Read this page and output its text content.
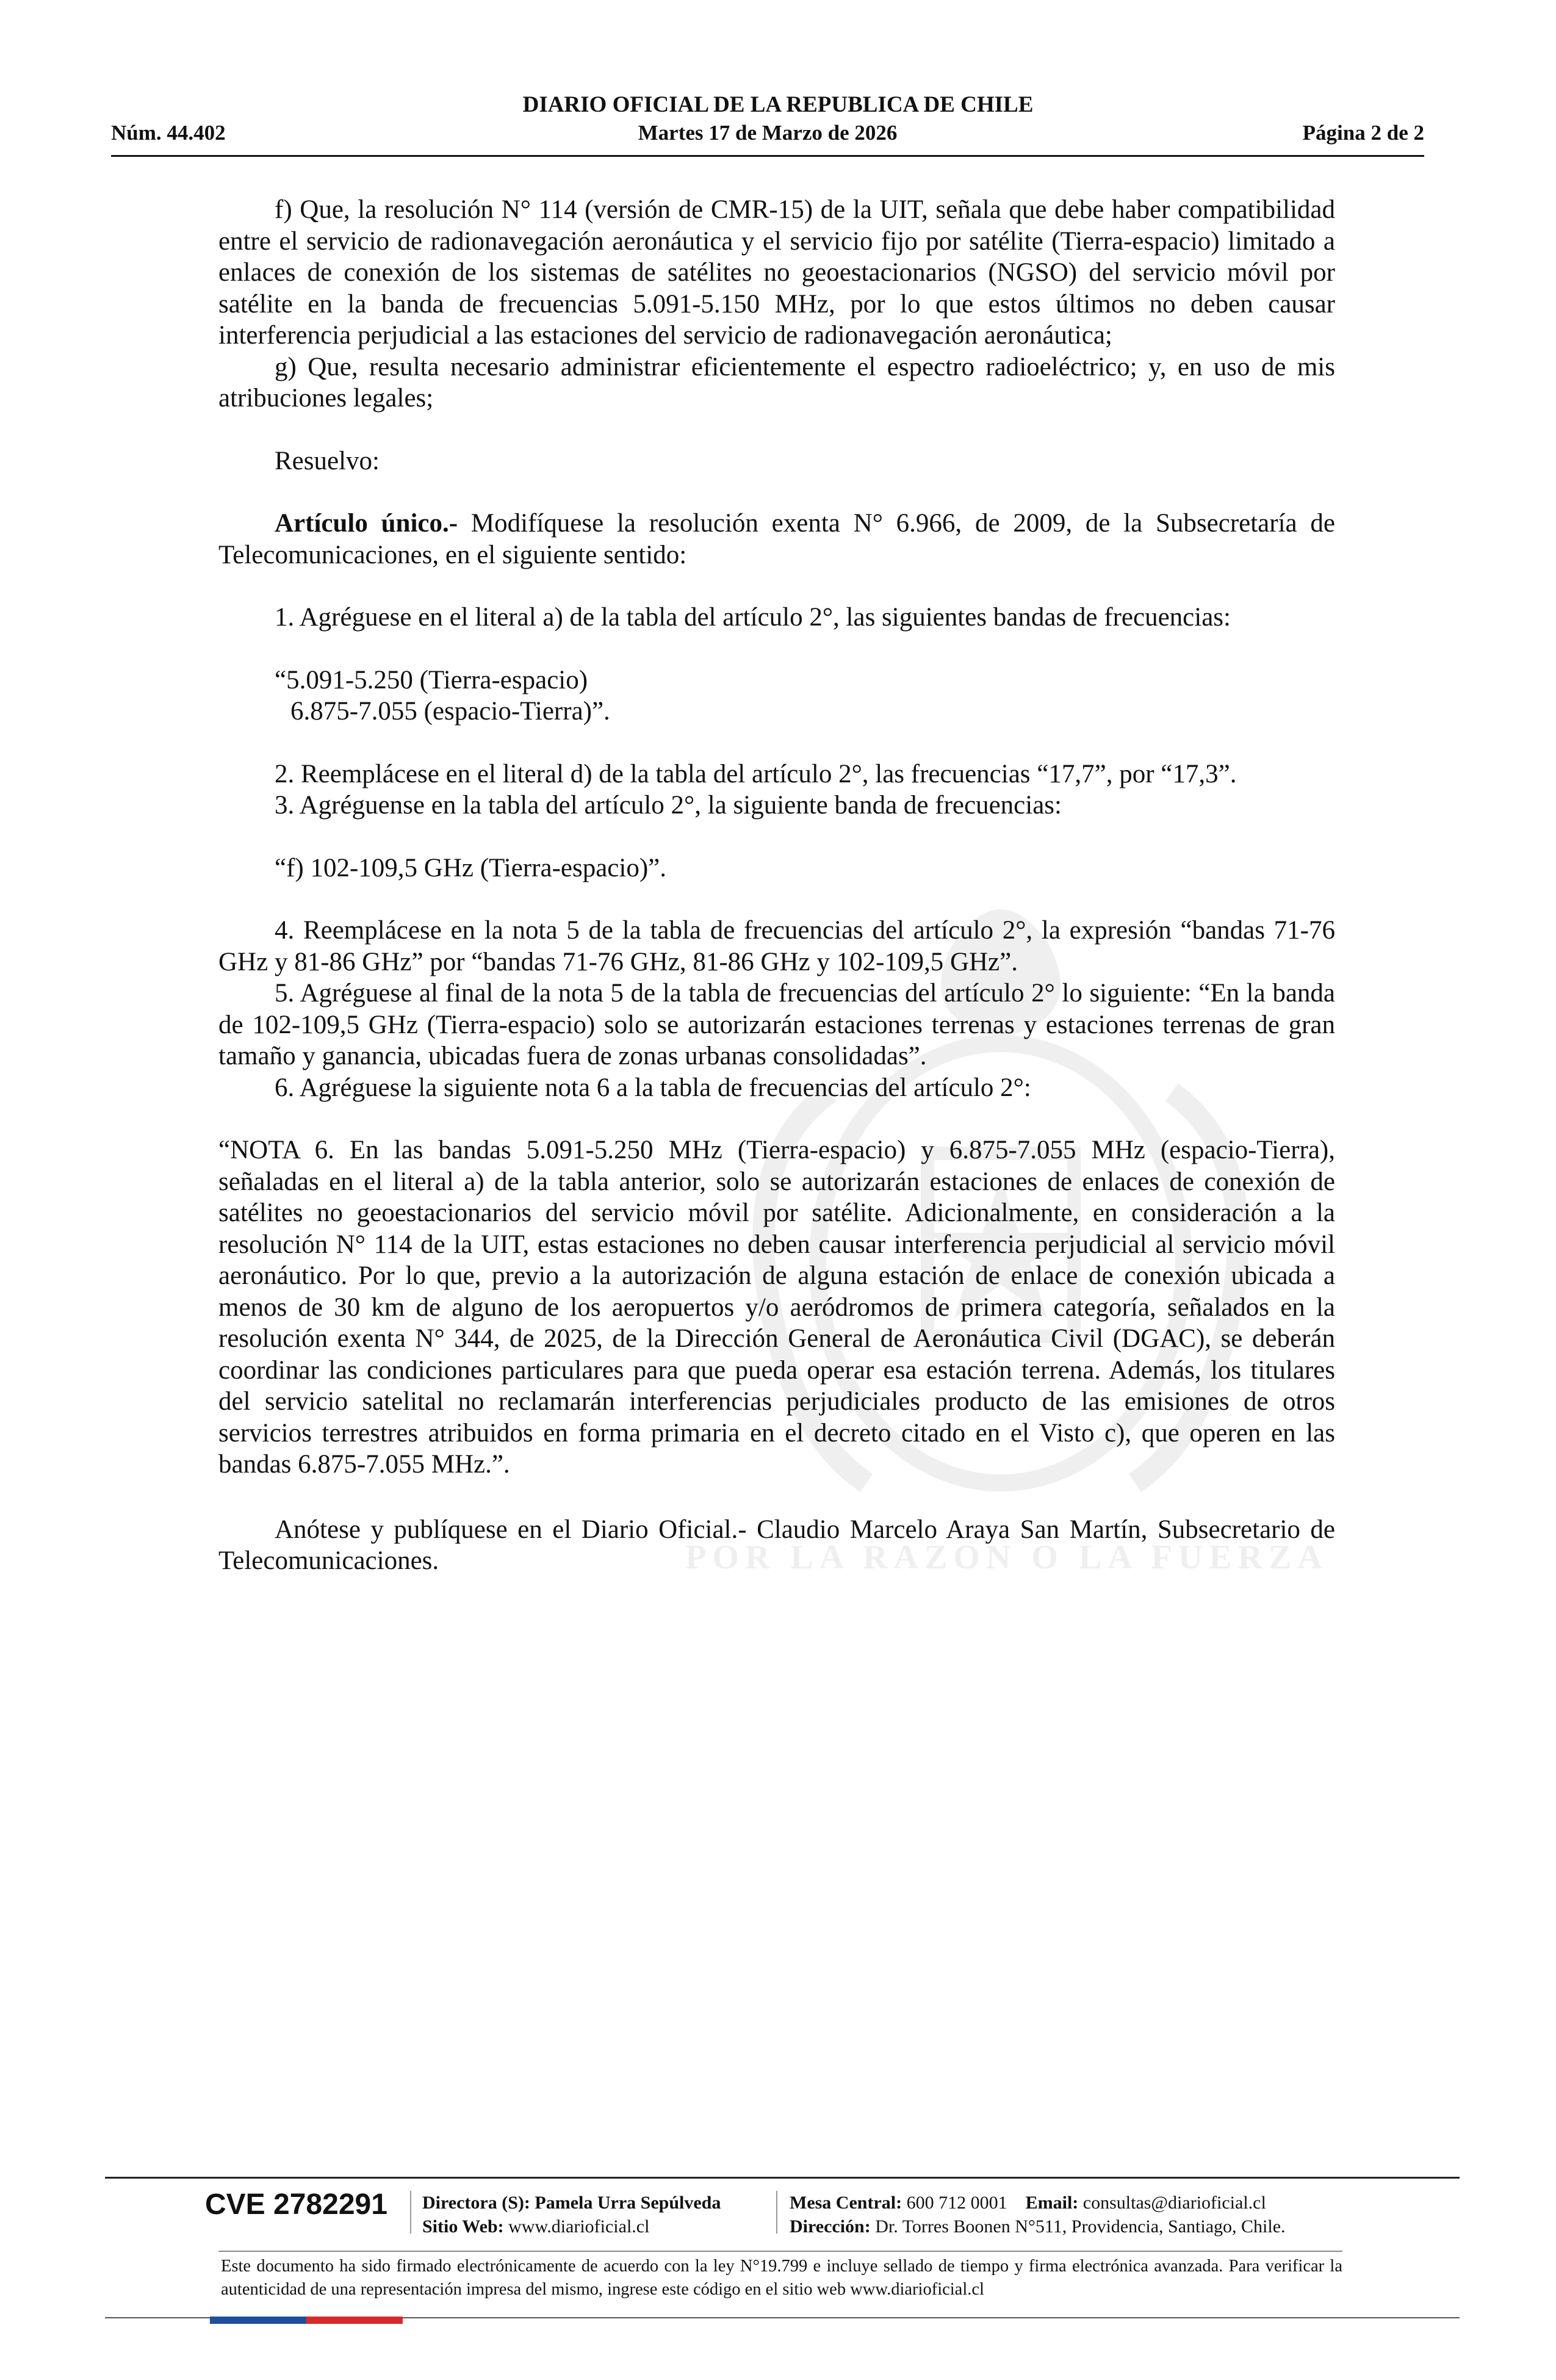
POR LA RAZON O LA FUERZA
DIARIO OFICIAL DE LA REPUBLICA DE CHILE
Martes 17 de Marzo de 2026
Núm. 44.402	Página 2 de 2

f) Que, la resolución N° 114 (versión de CMR-15) de la UIT, señala que debe haber compatibilidad entre el servicio de radionavegación aeronáutica y el servicio fijo por satélite (Tierra-espacio) limitado a enlaces de conexión de los sistemas de satélites no geoestacionarios (NGSO) del servicio móvil por satélite en la banda de frecuencias 5.091-5.150 MHz, por lo que estos últimos no deben causar interferencia perjudicial a las estaciones del servicio de radionavegación aeronáutica;

g) Que, resulta necesario administrar eficientemente el espectro radioeléctrico; y, en uso de mis atribuciones legales;

Resuelvo:

Artículo único.- Modifíquese la resolución exenta N° 6.966, de 2009, de la Subsecretaría de Telecomunicaciones, en el siguiente sentido:

1. Agréguese en el literal a) de la tabla del artículo 2°, las siguientes bandas de frecuencias:

“5.091-5.250 (Tierra-espacio)

6.875-7.055 (espacio-Tierra)”.

2. Reemplácese en el literal d) de la tabla del artículo 2°, las frecuencias “17,7”, por “17,3”.

3. Agréguense en la tabla del artículo 2°, la siguiente banda de frecuencias:

“f) 102-109,5 GHz (Tierra-espacio)”.

4. Reemplácese en la nota 5 de la tabla de frecuencias del artículo 2°, la expresión “bandas 71-76 GHz y 81-86 GHz” por “bandas 71-76 GHz, 81-86 GHz y 102-109,5 GHz”.

5. Agréguese al final de la nota 5 de la tabla de frecuencias del artículo 2° lo siguiente: “En la banda de 102-109,5 GHz (Tierra-espacio) solo se autorizarán estaciones terrenas y estaciones terrenas de gran tamaño y ganancia, ubicadas fuera de zonas urbanas consolidadas”.

6. Agréguese la siguiente nota 6 a la tabla de frecuencias del artículo 2°:

“NOTA 6. En las bandas 5.091-5.250 MHz (Tierra-espacio) y 6.875-7.055 MHz (espacio-Tierra), señaladas en el literal a) de la tabla anterior, solo se autorizarán estaciones de enlaces de conexión de satélites no geoestacionarios del servicio móvil por satélite. Adicionalmente, en consideración a la resolución N° 114 de la UIT, estas estaciones no deben causar interferencia perjudicial al servicio móvil aeronáutico. Por lo que, previo a la autorización de alguna estación de enlace de conexión ubicada a menos de 30 km de alguno de los aeropuertos y/o aeródromos de primera categoría, señalados en la resolución exenta N° 344, de 2025, de la Dirección General de Aeronáutica Civil (DGAC), se deberán coordinar las condiciones particulares para que pueda operar esa estación terrena. Además, los titulares del servicio satelital no reclamarán interferencias perjudiciales producto de las emisiones de otros servicios terrestres atribuidos en forma primaria en el decreto citado en el Visto c), que operen en las bandas 6.875-7.055 MHz.”.

Anótese y publíquese en el Diario Oficial.- Claudio Marcelo Araya San Martín, Subsecretario de Telecomunicaciones.

CVE 2782291 Directora (S): Pamela Urra Sepúlveda
Sitio Web: www.diarioficial.cl
Mesa Central: 600 712 0001 Email: consultas@diarioficial.cl
Dirección: Dr. Torres Boonen N°511, Providencia, Santiago, Chile.
Este documento ha sido firmado electrónicamente de acuerdo con la ley N°19.799 e incluye sellado de tiempo y firma electrónica avanzada. Para verificar la autenticidad de una representación impresa del mismo, ingrese este código en el sitio web www.diarioficial.cl
